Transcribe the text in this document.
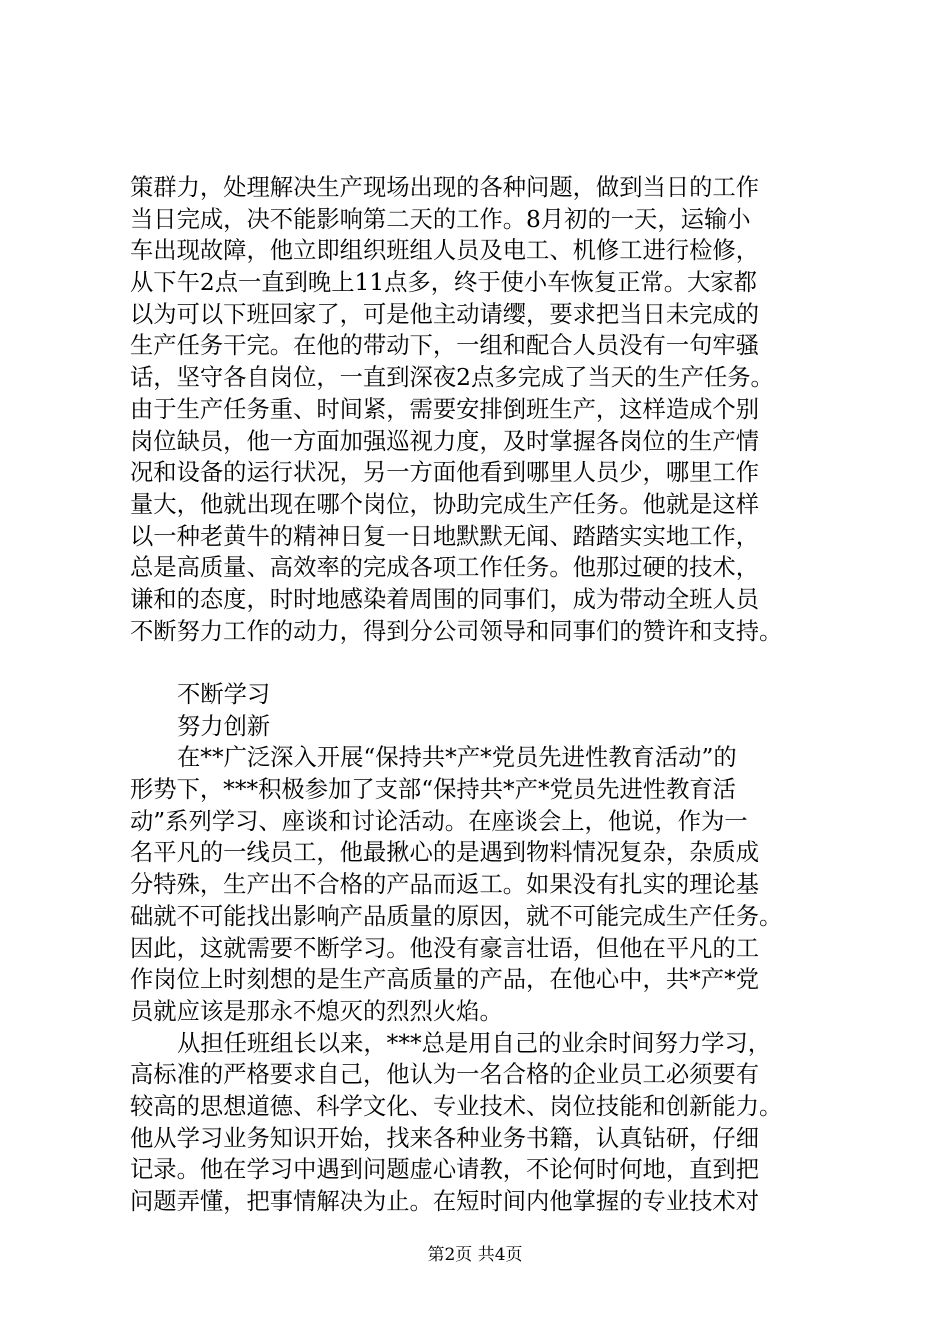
策群力，处理解决生产现场出现的各种问题，做到当日的工作
当日完成，决不能影响第二天的工作。8月初的一天，运输小
车出现故障，他立即组织班组人员及电工、机修工进行检修，
从下午2点一直到晚上11点多，终于使小车恢复正常。大家都
以为可以下班回家了，可是他主动请缨，要求把当日未完成的
生产任务干完。在他的带动下，一组和配合人员没有一句牢骚
话，坚守各自岗位，一直到深夜2点多完成了当天的生产任务。
由于生产任务重、时间紧，需要安排倒班生产，这样造成个别
岗位缺员，他一方面加强巡视力度，及时掌握各岗位的生产情
况和设备的运行状况，另一方面他看到哪里人员少，哪里工作
量大，他就出现在哪个岗位，协助完成生产任务。他就是这样
以一种老黄牛的精神日复一日地默默无闻、踏踏实实地工作，
总是高质量、高效率的完成各项工作任务。他那过硬的技术，
谦和的态度，时时地感染着周围的同事们，成为带动全班人员
不断努力工作的动力，得到分公司领导和同事们的赞许和支持。
不断学习
努力创新
在**广泛深入开展“保持共*产*党员先进性教育活动”的
形势下，***积极参加了支部“保持共*产*党员先进性教育活
动”系列学习、座谈和讨论活动。在座谈会上，他说，作为一
名平凡的一线员工，他最揪心的是遇到物料情况复杂，杂质成
分特殊，生产出不合格的产品而返工。如果没有扎实的理论基
础就不可能找出影响产品质量的原因，就不可能完成生产任务。
因此，这就需要不断学习。他没有豪言壮语，但他在平凡的工
作岗位上时刻想的是生产高质量的产品，在他心中，共*产*党
员就应该是那永不熄灭的烈烈火焰。
从担任班组长以来，***总是用自己的业余时间努力学习，
高标准的严格要求自己，他认为一名合格的企业员工必须要有
较高的思想道德、科学文化、专业技术、岗位技能和创新能力。
他从学习业务知识开始，找来各种业务书籍，认真钻研，仔细
记录。他在学习中遇到问题虚心请教，不论何时何地，直到把
问题弄懂，把事情解决为止。在短时间内他掌握的专业技术对
第2页 共4页
